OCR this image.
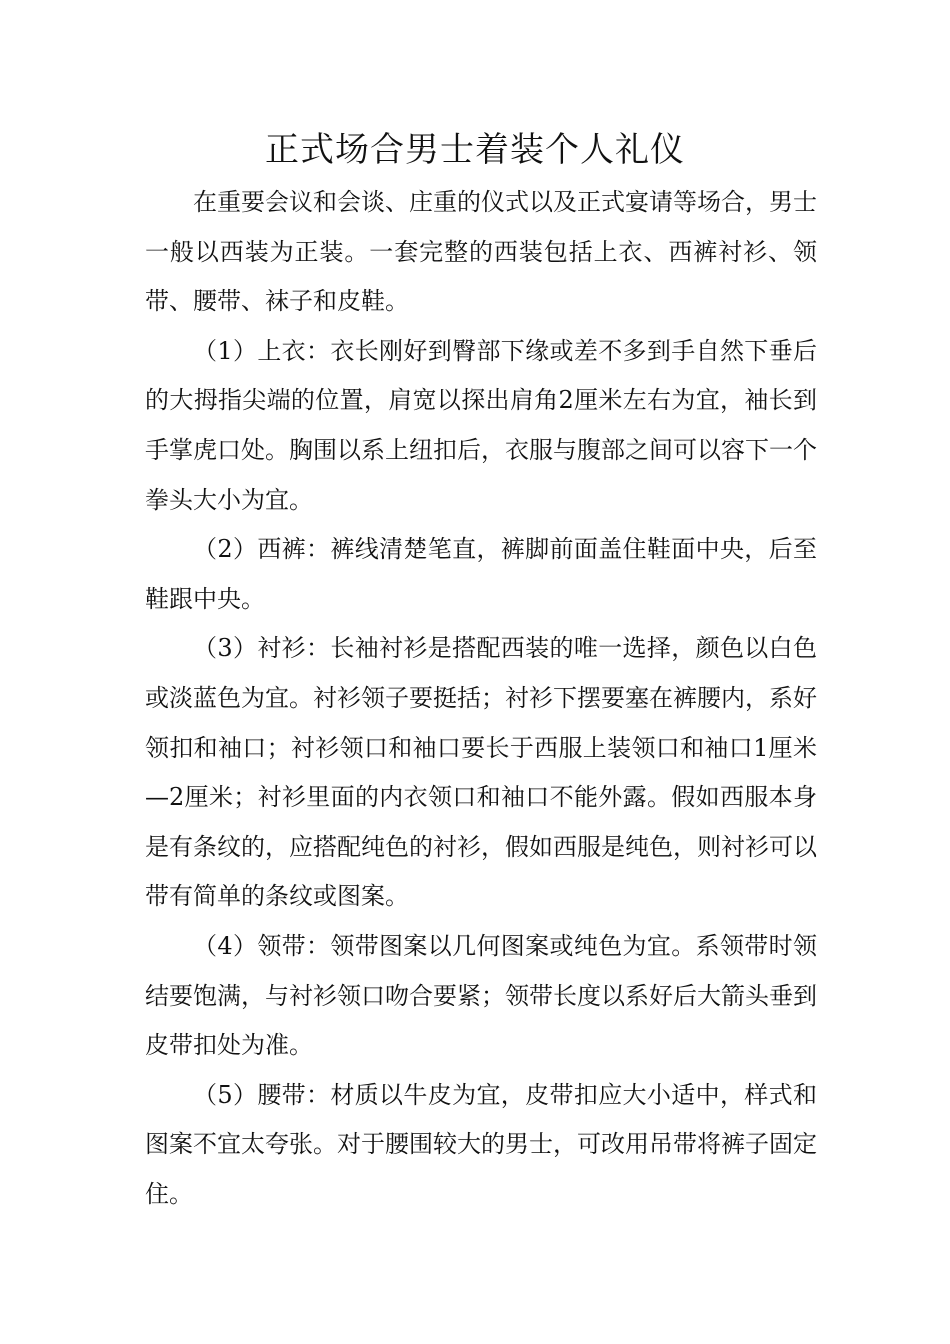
正式场合男士着装个人礼仪

在重要会议和会谈、庄重的仪式以及正式宴请等场合，男士一般以西装为正装。一套完整的西装包括上衣、西裤衬衫、领带、腰带、袜子和皮鞋。

（1）上衣：衣长刚好到臀部下缘或差不多到手自然下垂后的大拇指尖端的位置，肩宽以探出肩角2厘米左右为宜，袖长到手掌虎口处。胸围以系上纽扣后，衣服与腹部之间可以容下一个拳头大小为宜。

（2）西裤：裤线清楚笔直，裤脚前面盖住鞋面中央，后至鞋跟中央。

（3）衬衫：长袖衬衫是搭配西装的唯一选择，颜色以白色或淡蓝色为宜。衬衫领子要挺括；衬衫下摆要塞在裤腰内，系好领扣和袖口；衬衫领口和袖口要长于西服上装领口和袖口1厘米—2厘米；衬衫里面的内衣领口和袖口不能外露。假如西服本身是有条纹的，应搭配纯色的衬衫，假如西服是纯色，则衬衫可以带有简单的条纹或图案。

（4）领带：领带图案以几何图案或纯色为宜。系领带时领结要饱满，与衬衫领口吻合要紧；领带长度以系好后大箭头垂到皮带扣处为准。

（5）腰带：材质以牛皮为宜，皮带扣应大小适中，样式和图案不宜太夸张。对于腰围较大的男士，可改用吊带将裤子固定住。
